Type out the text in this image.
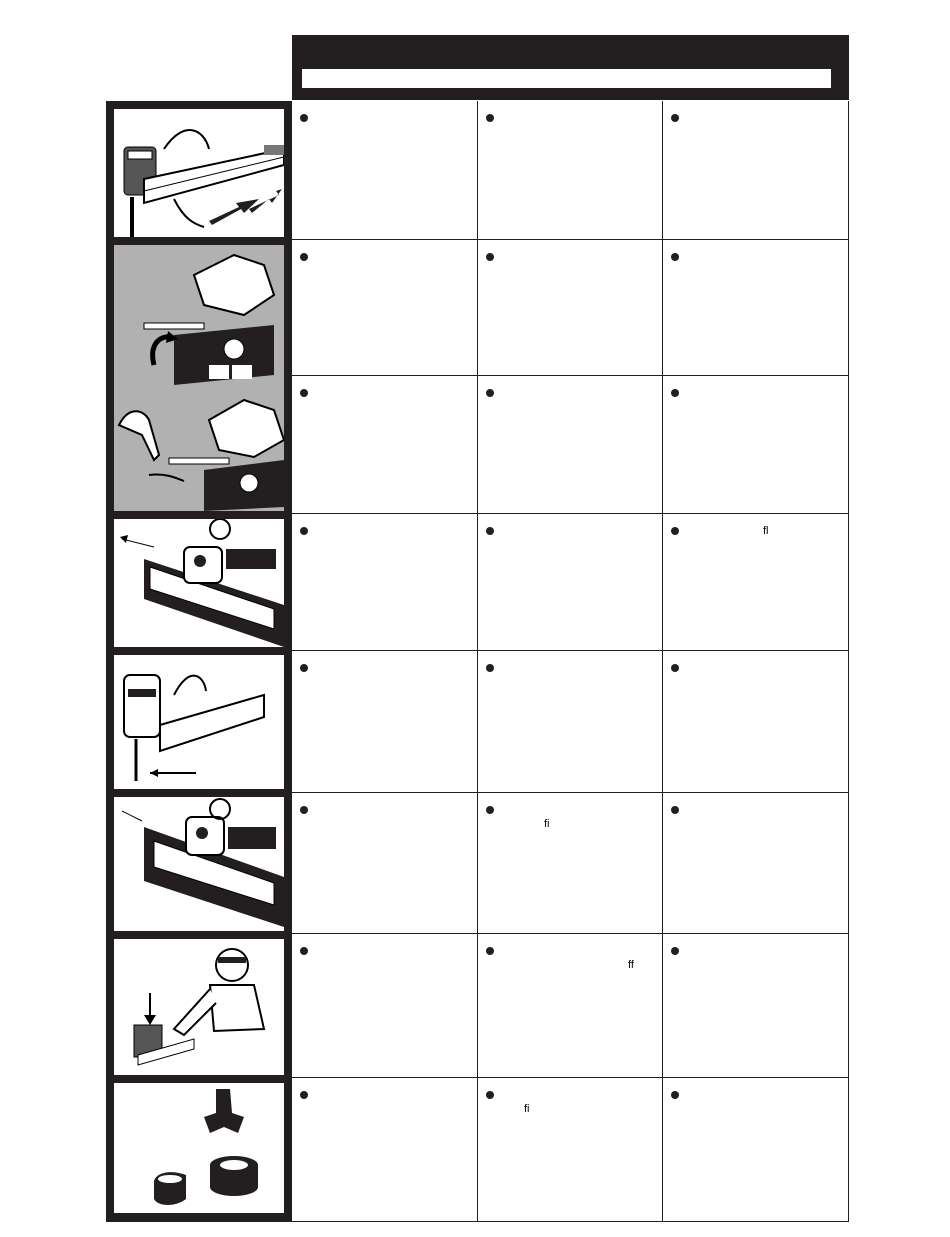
fl
fi
ff
fi
